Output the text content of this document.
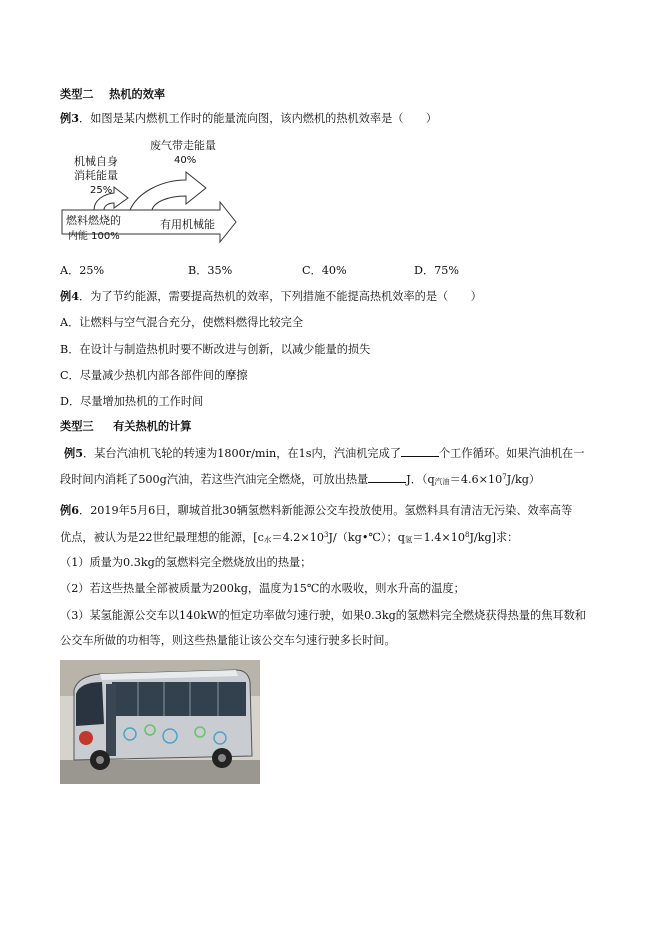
类型二 热机的效率
例3．如图是某内燃机工作时的能量流向图，该内燃机的热机效率是（　　）
废气带走能量
40%
机械自身
消耗能量
25%
燃料燃烧的
内能 100%
有用机械能
A．25%	B．35%	C．40%	D．75%
例4．为了节约能源，需要提高热机的效率，下列措施不能提高热机效率的是（　　）
A．让燃料与空气混合充分，使燃料燃得比较完全
B．在设计与制造热机时要不断改进与创新，以减少能量的损失
C．尽量减少热机内部各部件间的摩擦
D．尽量增加热机的工作时间
类型三 有关热机的计算
例5．某台汽油机飞轮的转速为1800r/min，在1s内，汽油机完成了	个工作循环。如果汽油机在一
段时间内消耗了500g汽油，若这些汽油完全燃烧，可放出热量	J．（q汽油$=4.6\times 10^7J/kg$）
例6．2019年5月6日，聊城首批30辆氢燃料新能源公交车投放使用。氢燃料具有清洁无污染、效率高等
优点，被认为是22世纪最理想的能源，[c水$=4.2\times 10^3J/(kg•℃)$；q氢$=1.4\times 10^8J/kg$]求：
（1）质量为0.3kg的氢燃料完全燃烧放出的热量；
（2）若这些热量全部被质量为200kg，温度为15℃的水吸收，则水升高的温度；
（3）某氢能源公交车以140kW的恒定功率做匀速行驶，如果0.3kg的氢燃料完全燃烧获得热量的焦耳数和
公交车所做的功相等，则这些热量能让该公交车匀速行驶多长时间。
